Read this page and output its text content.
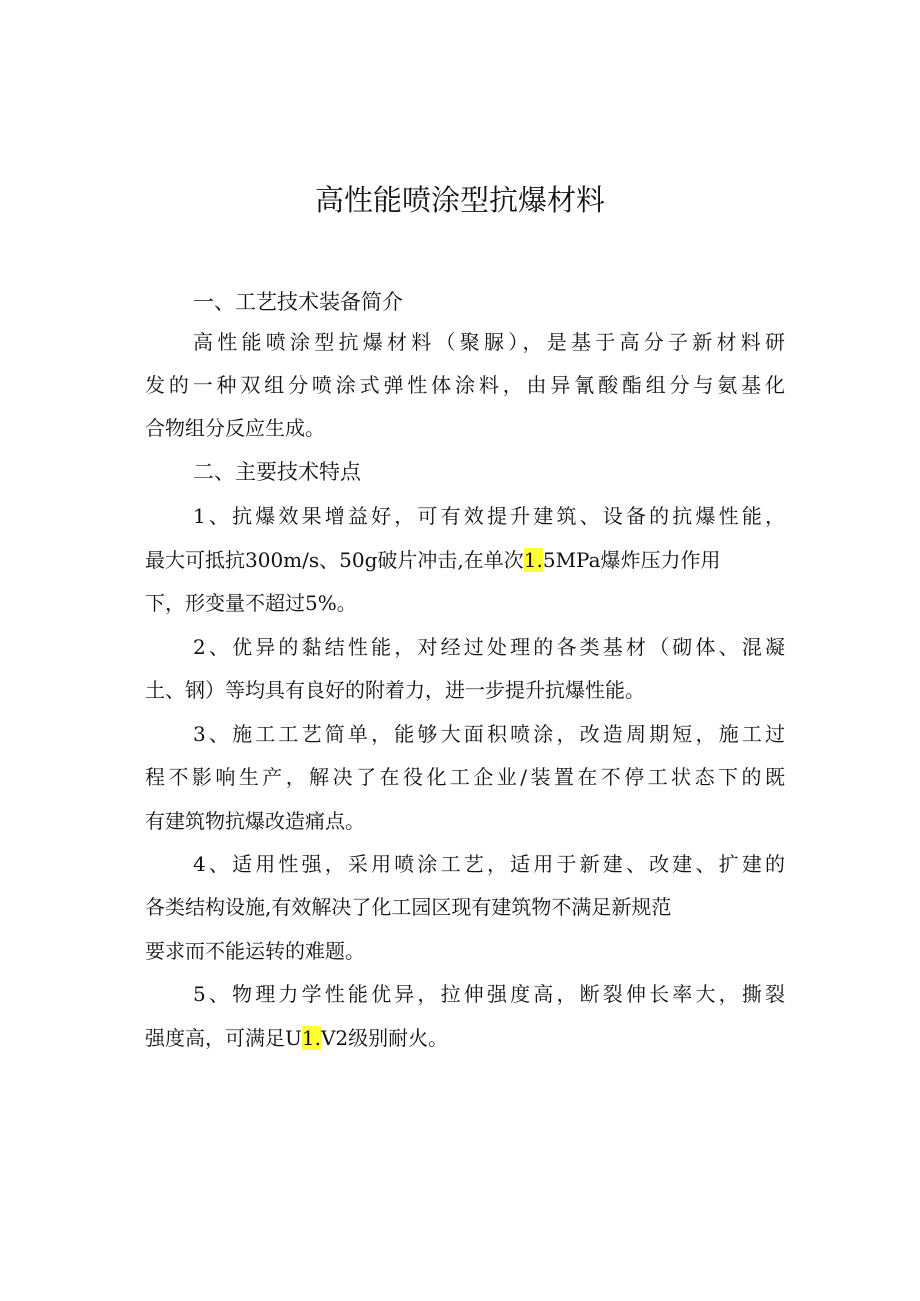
高性能喷涂型抗爆材料
一、工艺技术装备简介
高性能喷涂型抗爆材料（聚脲），是基于高分子新材料研
发的一种双组分喷涂式弹性体涂料，由异氰酸酯组分与氨基化
合物组分反应生成。
二、主要技术特点
1、抗爆效果增益好，可有效提升建筑、设备的抗爆性能，
最大可抵抗300m/s、50g破片冲击,在单次1.5MPa爆炸压力作用
下，形变量不超过5%。
2、优异的黏结性能，对经过处理的各类基材（砌体、混凝
土、钢）等均具有良好的附着力，进一步提升抗爆性能。
3、施工工艺简单，能够大面积喷涂，改造周期短，施工过
程不影响生产，解决了在役化工企业/装置在不停工状态下的既
有建筑物抗爆改造痛点。
4、适用性强，采用喷涂工艺，适用于新建、改建、扩建的
各类结构设施,有效解决了化工园区现有建筑物不满足新规范
要求而不能运转的难题。
5、物理力学性能优异，拉伸强度高，断裂伸长率大，撕裂
强度高，可满足U1.V2级别耐火。
